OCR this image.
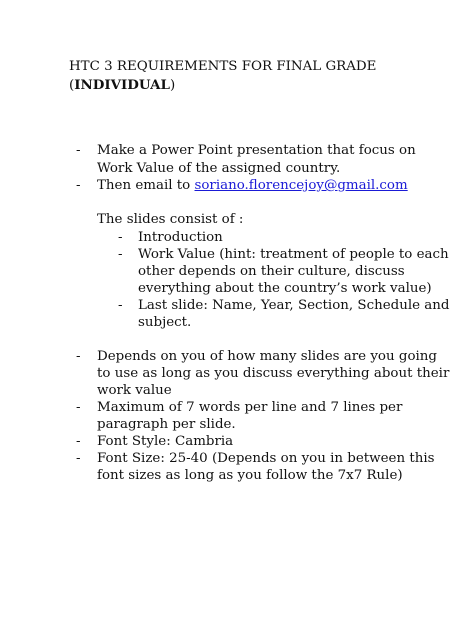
HTC 3 REQUIREMENTS FOR FINAL GRADE
(INDIVIDUAL)
- Make a Power Point presentation that focus on
Work Value of the assigned country.
- Then email to soriano.florencejoy@gmail.com
The slides consist of :
- Introduction
- Work Value (hint: treatment of people to each
other depends on their culture, discuss
everything about the country’s work value)
- Last slide: Name, Year, Section, Schedule and
subject.
- Depends on you of how many slides are you going
to use as long as you discuss everything about their
work value
- Maximum of 7 words per line and 7 lines per
paragraph per slide.
- Font Style: Cambria
- Font Size: 25-40 (Depends on you in between this
font sizes as long as you follow the 7x7 Rule)
